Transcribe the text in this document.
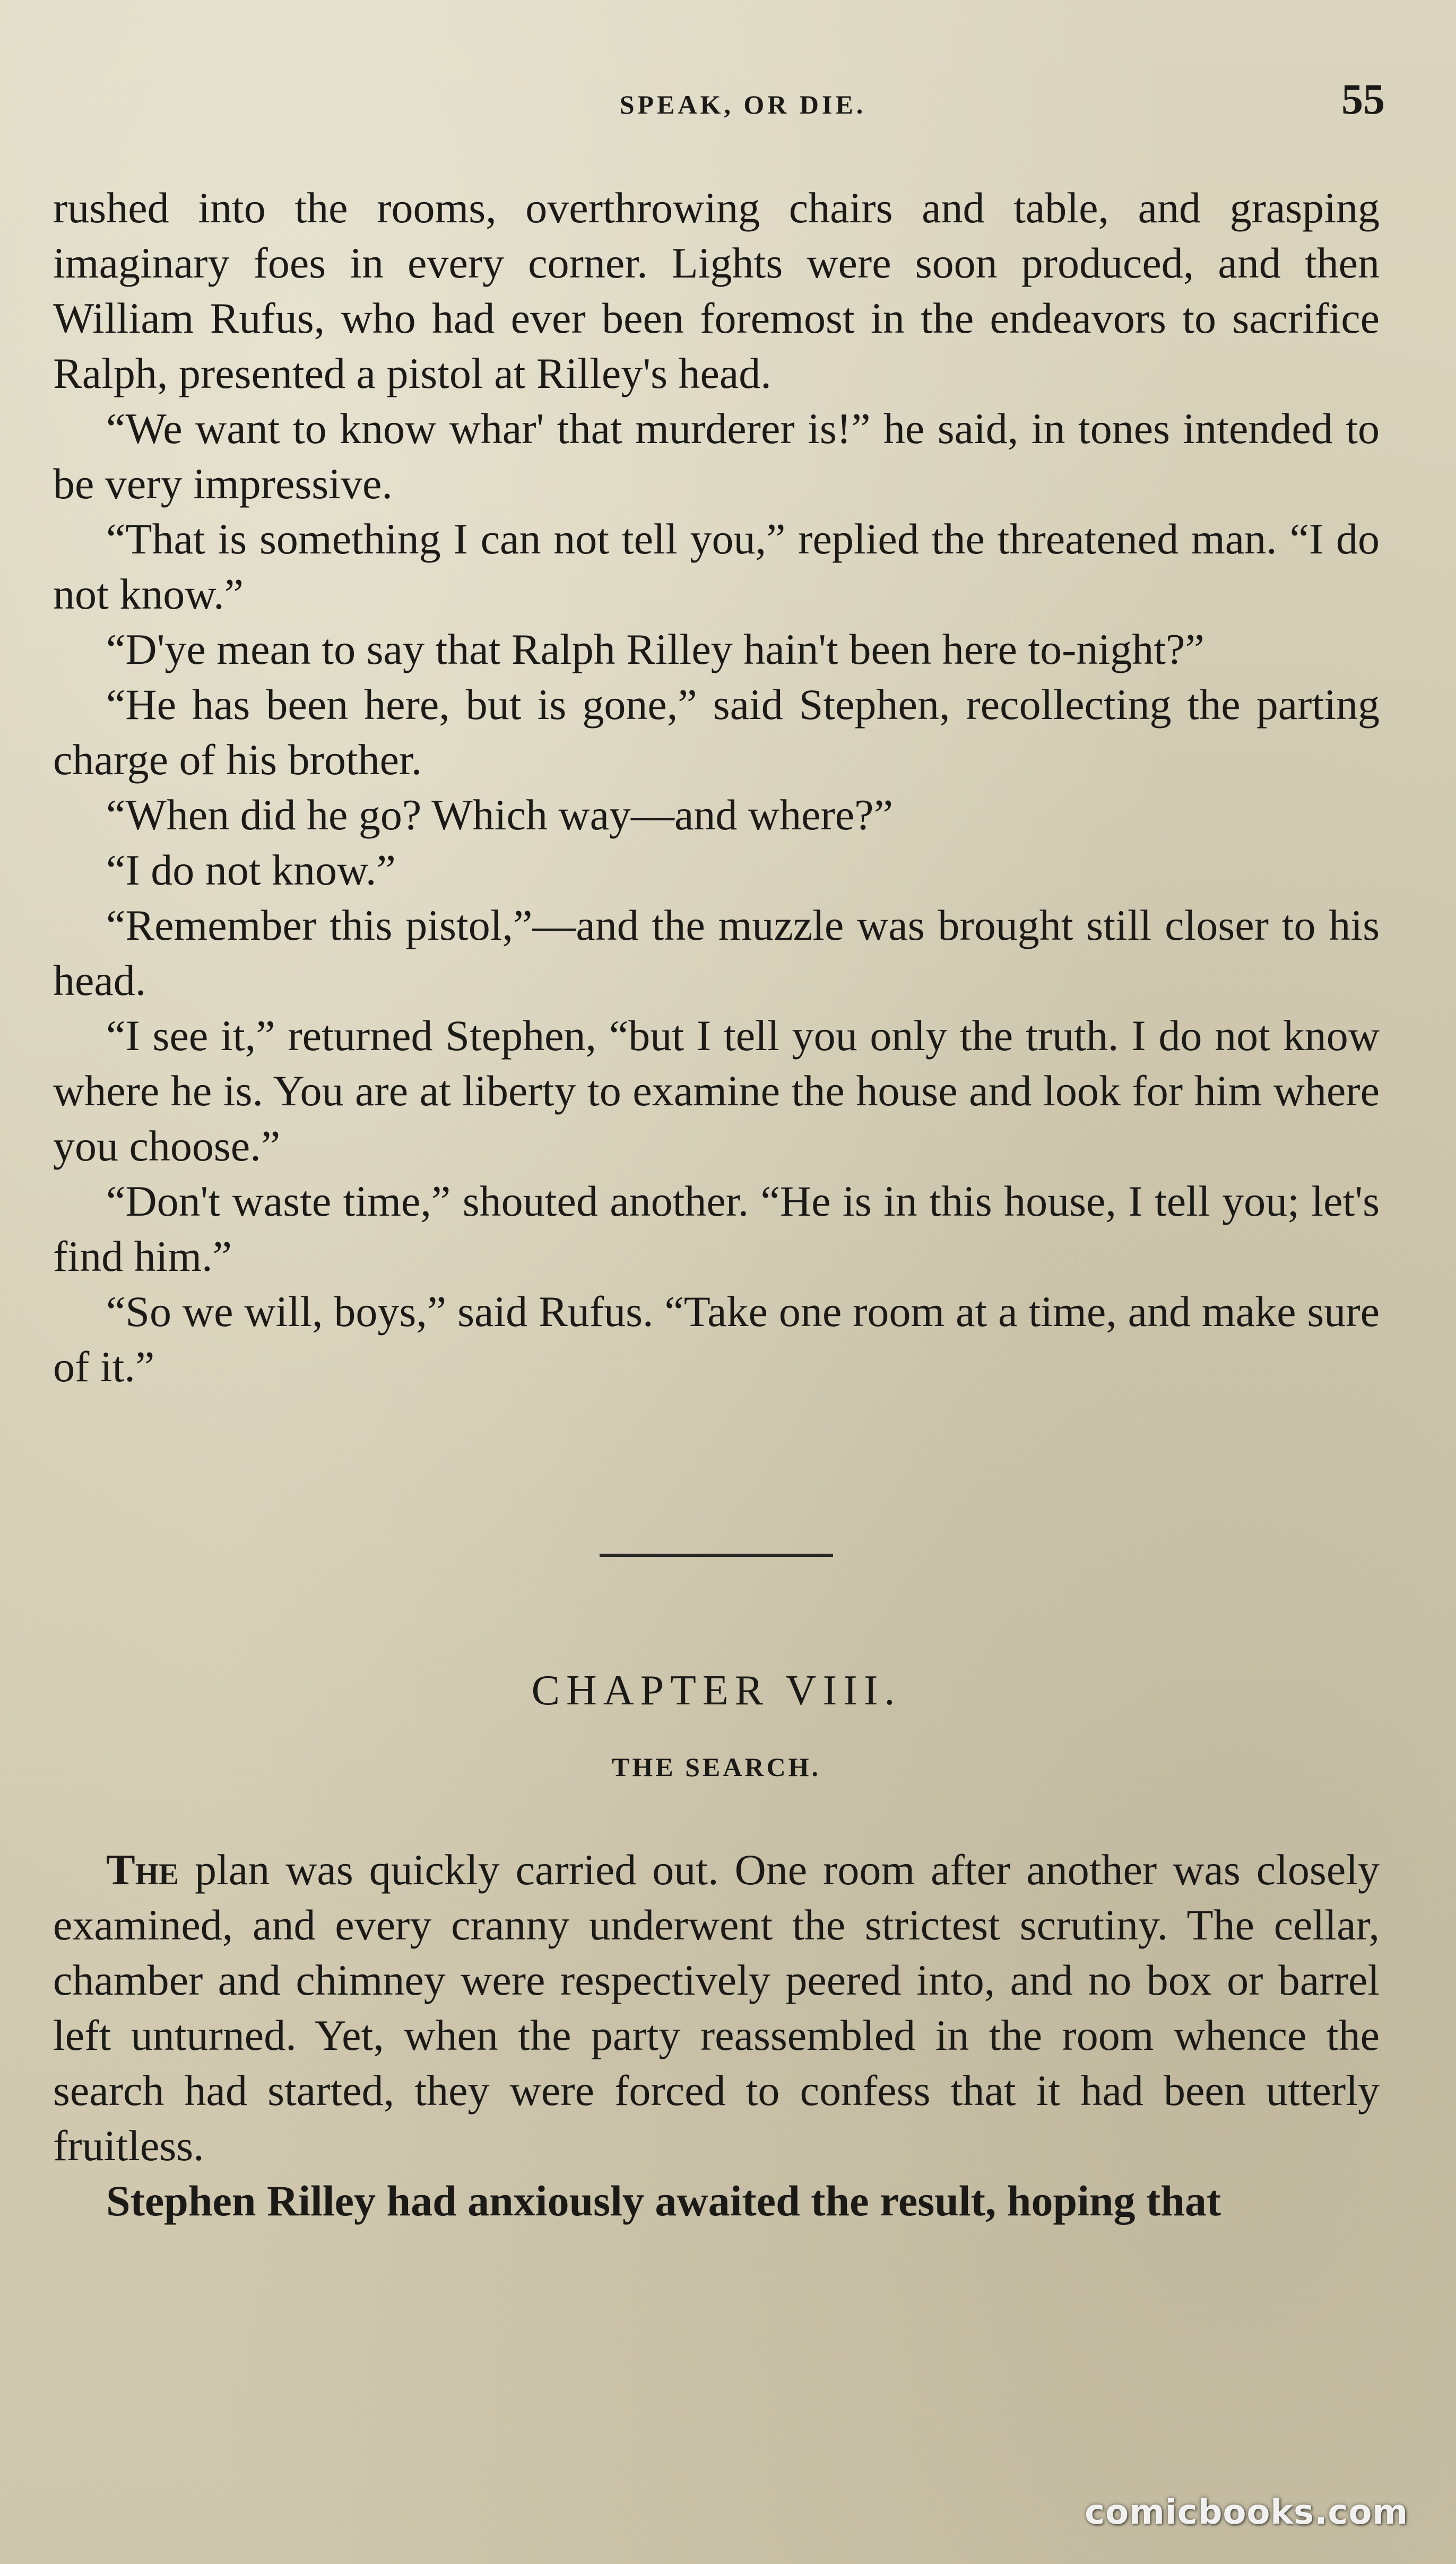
SPEAK, OR DIE.	55

rushed into the rooms, overthrowing chairs and table, and grasping imaginary foes in every corner. Lights were soon produced, and then William Rufus, who had ever been foremost in the endeavors to sacrifice Ralph, presented a pistol at Rilley's head.

“We want to know whar' that murderer is!” he said, in tones intended to be very impressive.

“That is something I can not tell you,” replied the threatened man. “I do not know.”

“D'ye mean to say that Ralph Rilley hain't been here to-night?”

“He has been here, but is gone,” said Stephen, recollecting the parting charge of his brother.

“When did he go? Which way—and where?”

“I do not know.”

“Remember this pistol,”—and the muzzle was brought still closer to his head.

“I see it,” returned Stephen, “but I tell you only the truth. I do not know where he is. You are at liberty to examine the house and look for him where you choose.”

“Don't waste time,” shouted another. “He is in this house, I tell you; let's find him.”

“So we will, boys,” said Rufus. “Take one room at a time, and make sure of it.”

CHAPTER VIII.
THE SEARCH.

The plan was quickly carried out. One room after another was closely examined, and every cranny underwent the strictest scrutiny. The cellar, chamber and chimney were respectively peered into, and no box or barrel left unturned. Yet, when the party reassembled in the room whence the search had started, they were forced to confess that it had been utterly fruitless.

Stephen Rilley had anxiously awaited the result, hoping that

comicbooks.com
